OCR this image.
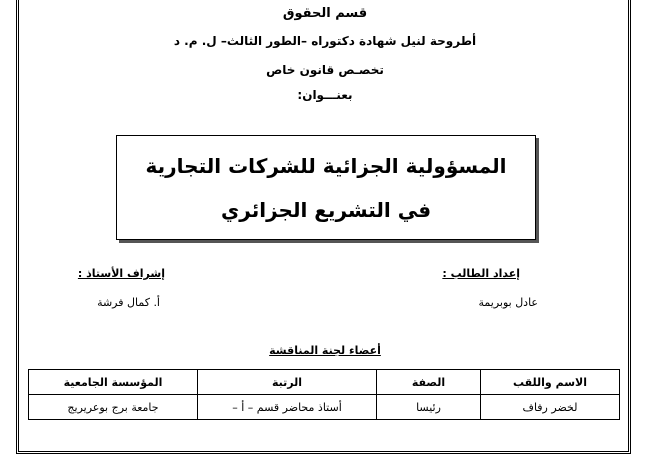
قسم الحقوق
أطروحة لنيل شهادة دكتوراه –الطور الثالث– ل. م. د
تخصـص قانون خاص
بعنـــوان:
المسؤولية الجزائية للشركات التجارية
في التشريع الجزائري
إعداد الطالب :
عادل بوبريمة
إشراف الأستاذ :
أ. كمال فرشة
أعضاء لجنة المناقشة
الاسم واللقب	الصفة	الرتبة	المؤسسة الجامعية
لخضر رفاف	رئيسا	أستاذ محاضر قسم – أ –	جامعة برج بوعريريج
